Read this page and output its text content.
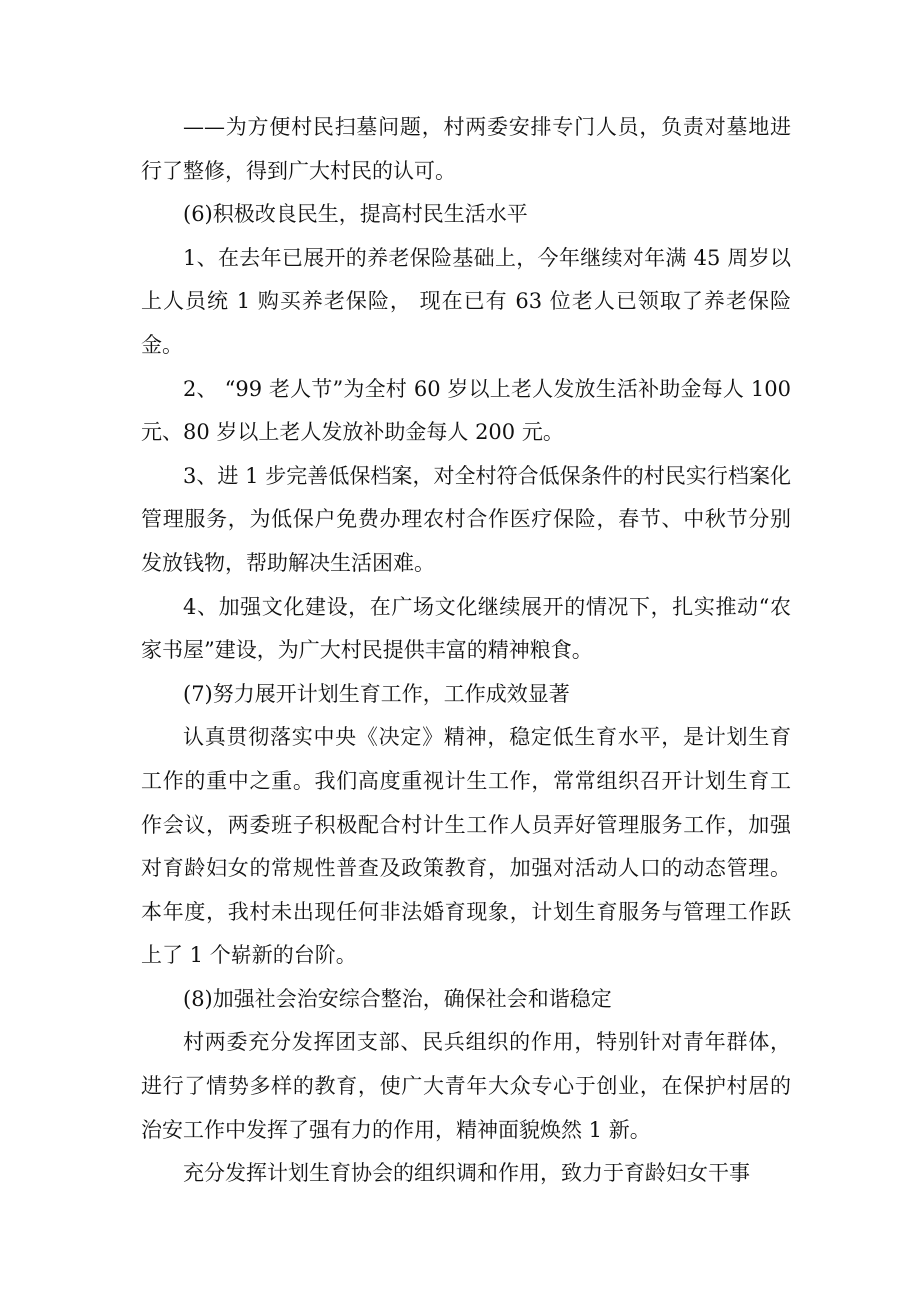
——为方便村民扫墓问题，村两委安排专门人员，负责对墓地进行了整修，得到广大村民的认可。

(6)积极改良民生，提高村民生活水平

1、在去年已展开的养老保险基础上，今年继续对年满 45 周岁以上人员统 1 购买养老保险， 现在已有 63 位老人已领取了养老保险金。

2、 “99 老人节”为全村 60 岁以上老人发放生活补助金每人 100 元、80 岁以上老人发放补助金每人 200 元。

3、进 1 步完善低保档案，对全村符合低保条件的村民实行档案化管理服务，为低保户免费办理农村合作医疗保险，春节、中秋节分别发放钱物，帮助解决生活困难。

4、加强文化建设，在广场文化继续展开的情况下，扎实推动“农家书屋”建设，为广大村民提供丰富的精神粮食。

(7)努力展开计划生育工作，工作成效显著

认真贯彻落实中央《决定》精神，稳定低生育水平，是计划生育工作的重中之重。我们高度重视计生工作，常常组织召开计划生育工作会议，两委班子积极配合村计生工作人员弄好管理服务工作，加强对育龄妇女的常规性普查及政策教育，加强对活动人口的动态管理。本年度，我村未出现任何非法婚育现象，计划生育服务与管理工作跃上了 1 个崭新的台阶。

(8)加强社会治安综合整治，确保社会和谐稳定

村两委充分发挥团支部、民兵组织的作用，特别针对青年群体，进行了情势多样的教育，使广大青年大众专心于创业，在保护村居的治安工作中发挥了强有力的作用，精神面貌焕然 1 新。

充分发挥计划生育协会的组织调和作用，致力于育龄妇女干事
